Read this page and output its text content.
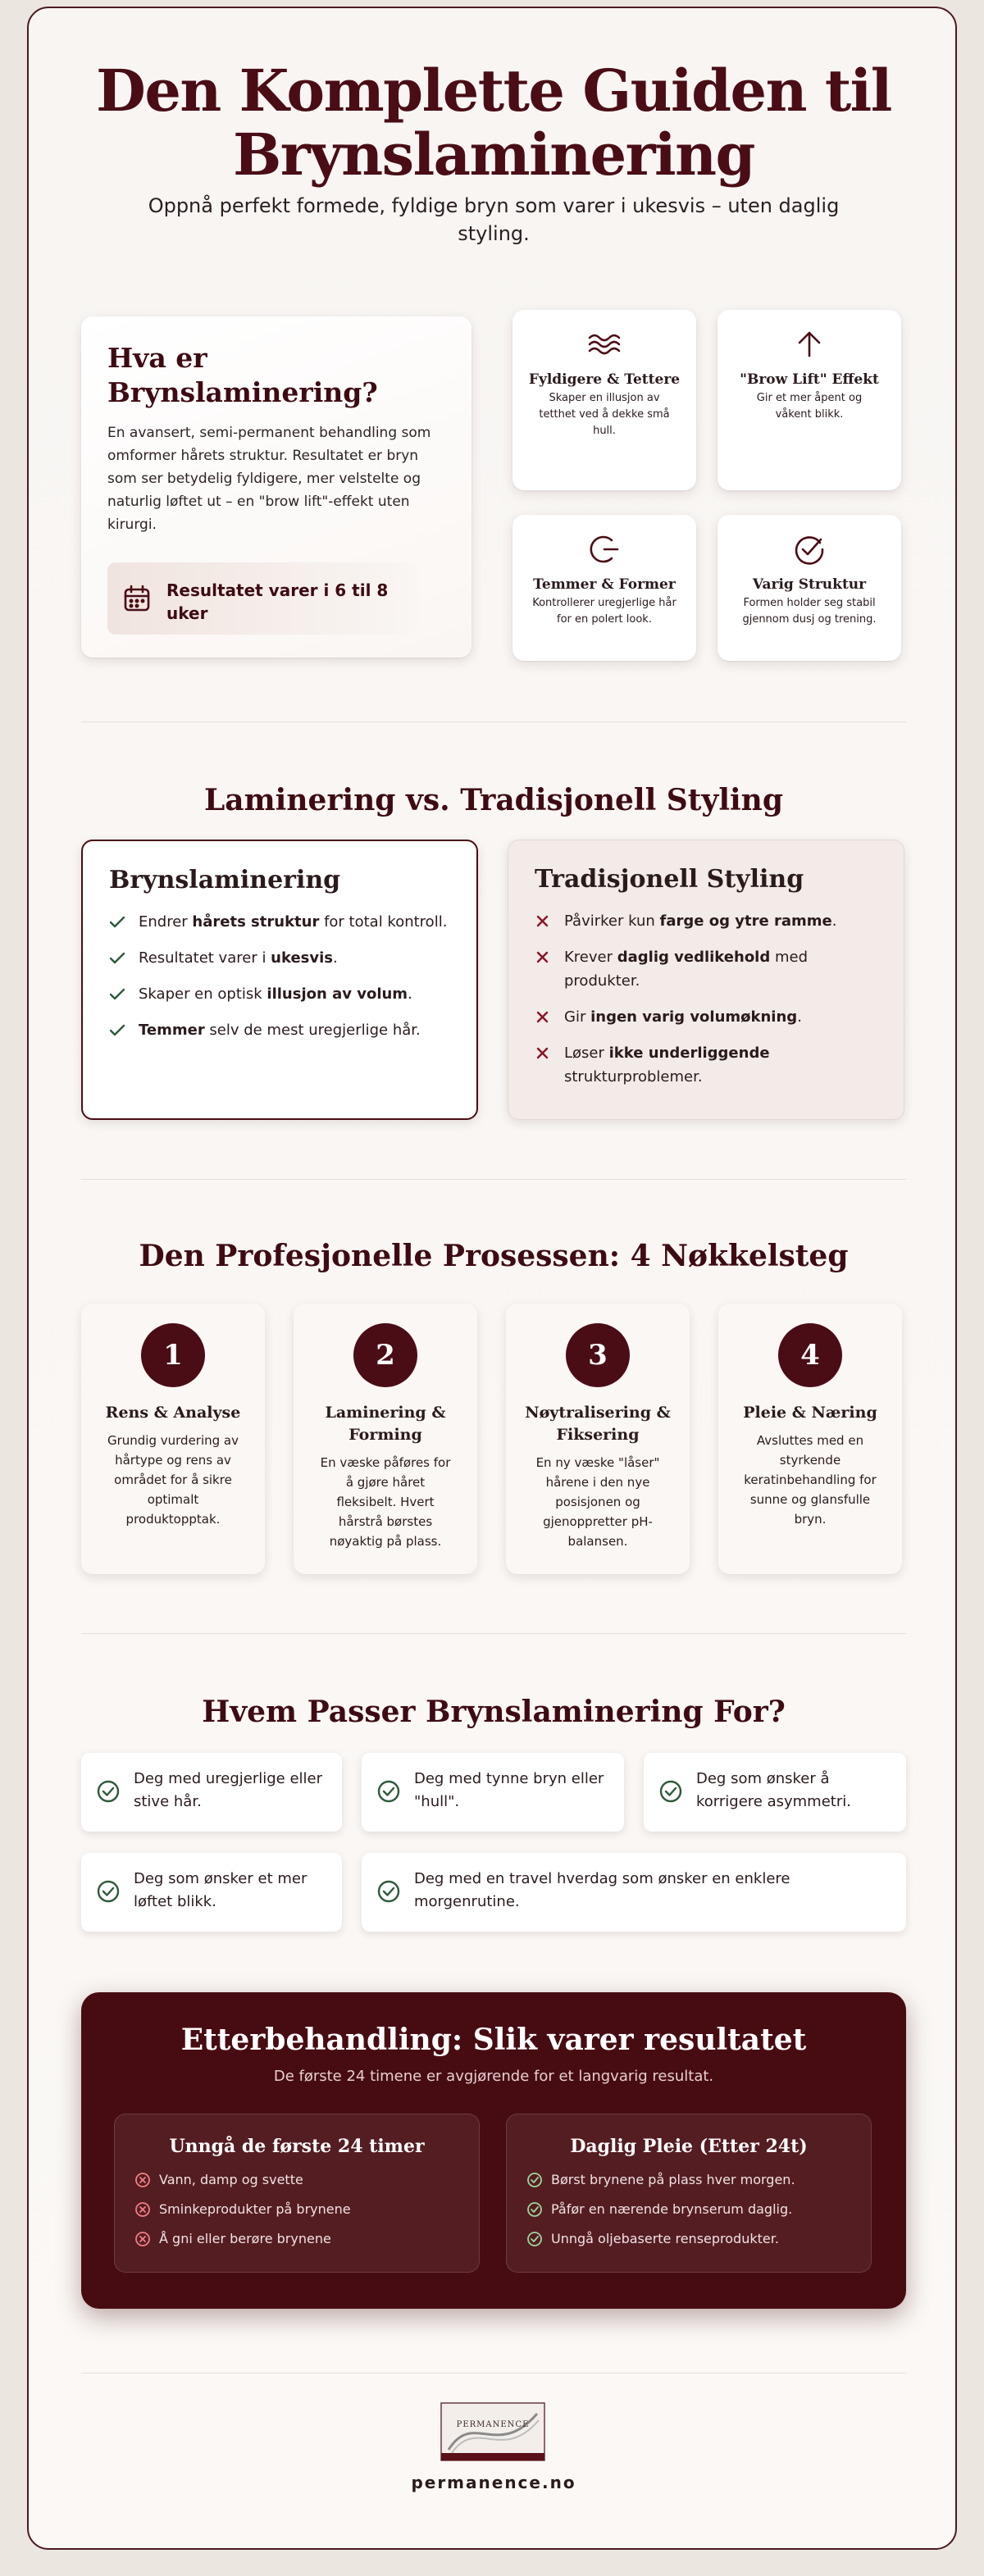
Den Komplette Guiden til Brynslaminering

Oppnå perfekt formede, fyldige bryn som varer i ukesvis – uten daglig styling.

Hva er Brynslaminering?

En avansert, semi-permanent behandling som omformer hårets struktur. Resultatet er bryn som ser betydelig fyldigere, mer velstelte og naturlig løftet ut – en "brow lift"-effekt uten kirurgi.

Resultatet varer i 6 til 8 uker
Fyldigere & Tettere
Skaper en illusjon av tetthet ved å dekke små hull.
"Brow Lift" Effekt
Gir et mer åpent og våkent blikk.
Temmer & Former
Kontrollerer uregjerlige hår for en polert look.
Varig Struktur
Formen holder seg stabil gjennom dusj og trening.
Laminering vs. Tradisjonell Styling
Brynslaminering
Endrer hårets struktur for total kontroll.
Resultatet varer i ukesvis.
Skaper en optisk illusjon av volum.
Temmer selv de mest uregjerlige hår.
Tradisjonell Styling
Påvirker kun farge og ytre ramme.
Krever daglig vedlikehold med produkter.
Gir ingen varig volumøkning.
Løser ikke underliggende strukturproblemer.
Den Profesjonelle Prosessen: 4 Nøkkelsteg
1
Rens & Analyse
Grundig vurdering av hårtype og rens av området for å sikre optimalt produktopptak.
2
Laminering & Forming
En væske påføres for å gjøre håret fleksibelt. Hvert hårstrå børstes nøyaktig på plass.
3
Nøytralisering & Fiksering
En ny væske "låser" hårene i den nye posisjonen og gjenoppretter pH-balansen.
4
Pleie & Næring
Avsluttes med en styrkende keratinbehandling for sunne og glansfulle bryn.
Hvem Passer Brynslaminering For?
Deg med uregjerlige eller stive hår.
Deg med tynne bryn eller "hull".
Deg som ønsker å korrigere asymmetri.
Deg som ønsker et mer løftet blikk.
Deg med en travel hverdag som ønsker en enklere morgenrutine.
Etterbehandling: Slik varer resultatet
De første 24 timene er avgjørende for et langvarig resultat.
Unngå de første 24 timer
Vann, damp og svette
Sminkeprodukter på brynene
Å gni eller berøre brynene
Daglig Pleie (Etter 24t)
Børst brynene på plass hver morgen.
Påfør en nærende brynserum daglig.
Unngå oljebaserte renseprodukter.
PERMANENCE
permanence.no
